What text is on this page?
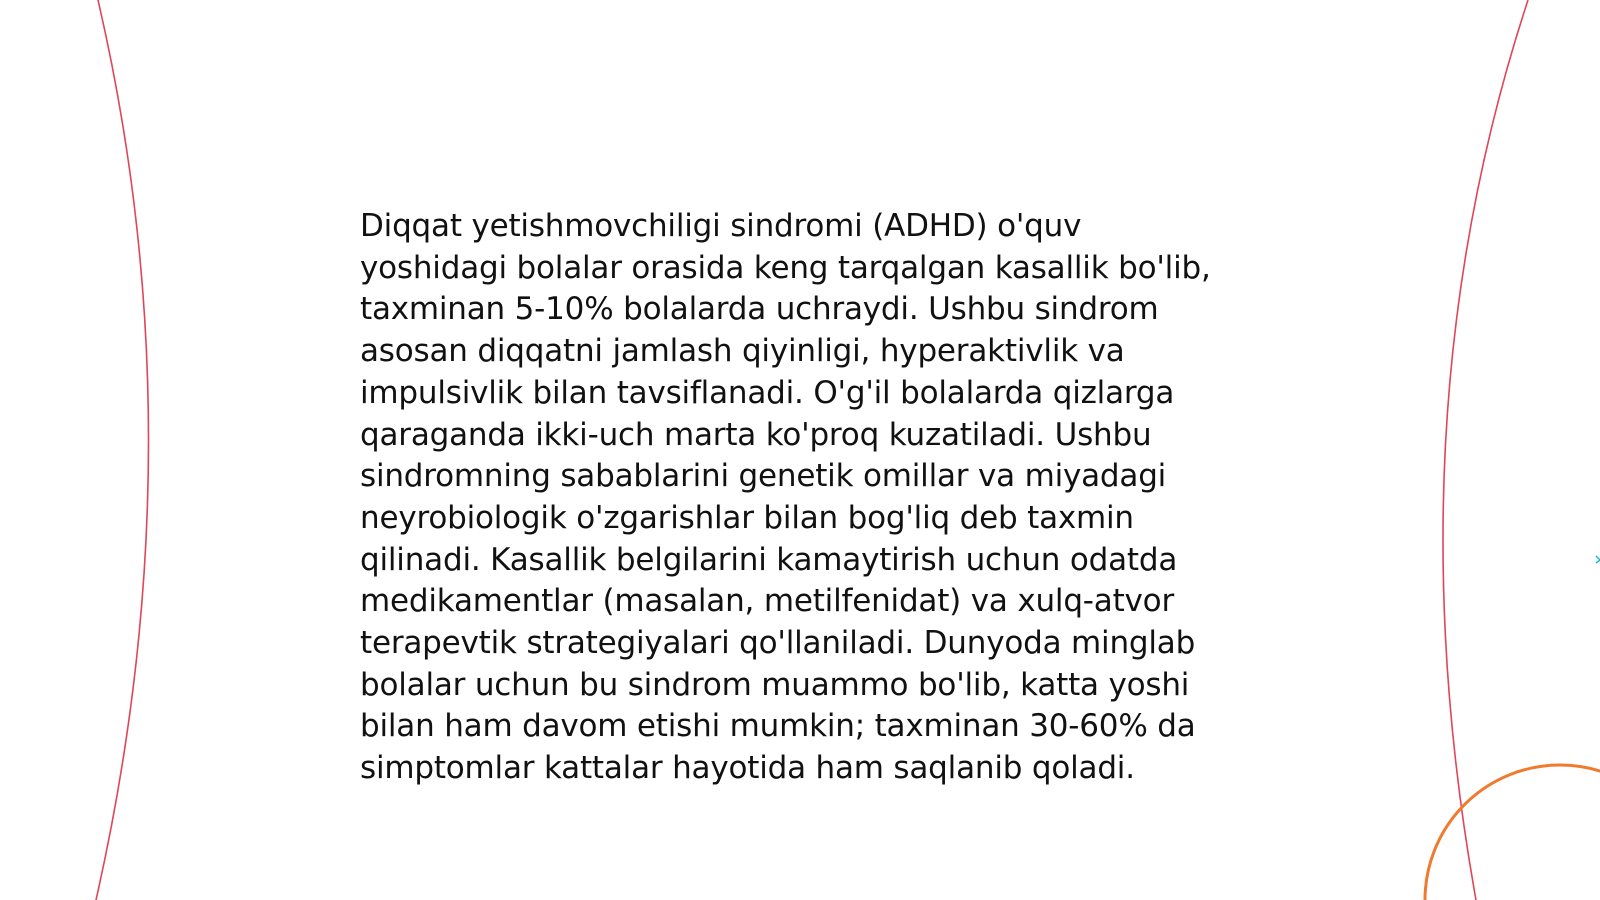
Diqqat yetishmovchiligi sindromi (ADHD) o'quv yoshidagi bolalar orasida keng tarqalgan kasallik bo'lib, taxminan 5-10% bolalarda uchraydi. Ushbu sindrom asosan diqqatni jamlash qiyinligi, hyperaktivlik va impulsivlik bilan tavsiflanadi. O'g'il bolalarda qizlarga qaraganda ikki-uch marta ko'proq kuzatiladi. Ushbu sindromning sabablarini genetik omillar va miyadagi neyrobiologik o'zgarishlar bilan bog'liq deb taxmin qilinadi. Kasallik belgilarini kamaytirish uchun odatda medikamentlar (masalan, metilfenidat) va xulq-atvor terapevtik strategiyalari qo'llaniladi. Dunyoda minglab bolalar uchun bu sindrom muammo bo'lib, katta yoshi bilan ham davom etishi mumkin; taxminan 30-60% da simptomlar kattalar hayotida ham saqlanib qoladi.
